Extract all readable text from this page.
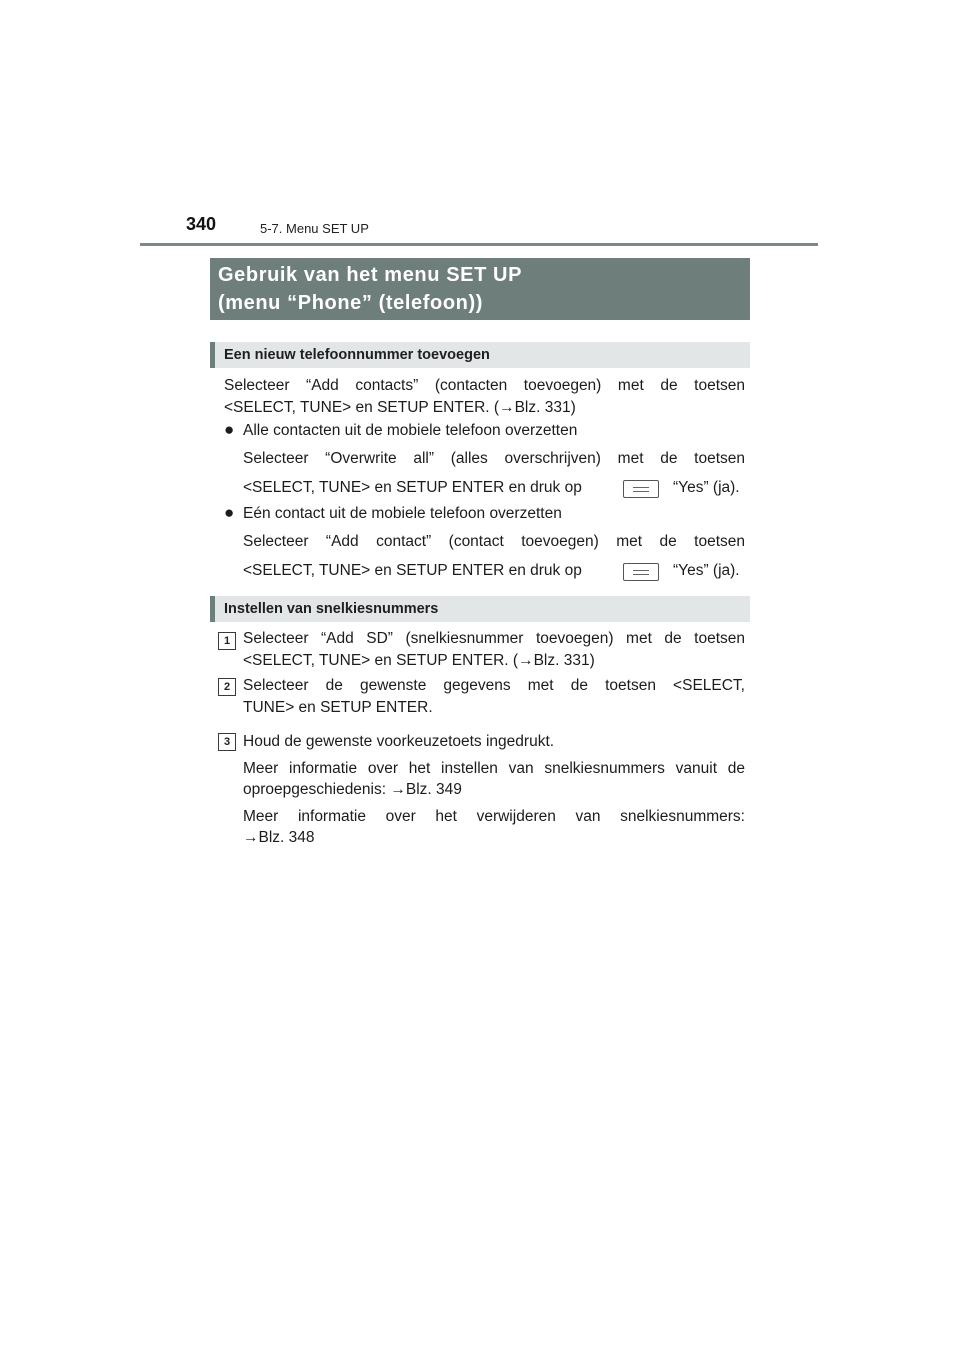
340	5-7. Menu SET UP
Gebruik van het menu SET UP
(menu “Phone” (telefoon))
Een nieuw telefoonnummer toevoegen
Selecteer “Add contacts” (contacten toevoegen) met de toetsen
<SELECT, TUNE> en SETUP ENTER. (→Blz. 331)
● Alle contacten uit de mobiele telefoon overzetten
Selecteer “Overwrite all” (alles overschrijven) met de toetsen
<SELECT, TUNE> en SETUP ENTER en druk op	“Yes” (ja).
● Eén contact uit de mobiele telefoon overzetten
Selecteer “Add contact” (contact toevoegen) met de toetsen
<SELECT, TUNE> en SETUP ENTER en druk op	“Yes” (ja).
Instellen van snelkiesnummers
1 Selecteer “Add SD” (snelkiesnummer toevoegen) met de toetsen
<SELECT, TUNE> en SETUP ENTER. (→Blz. 331)
2 Selecteer de gewenste gegevens met de toetsen <SELECT,
TUNE> en SETUP ENTER.
3 Houd de gewenste voorkeuzetoets ingedrukt.
Meer informatie over het instellen van snelkiesnummers vanuit de
oproepgeschiedenis: →Blz. 349
Meer informatie over het verwijderen van snelkiesnummers:
→Blz. 348
